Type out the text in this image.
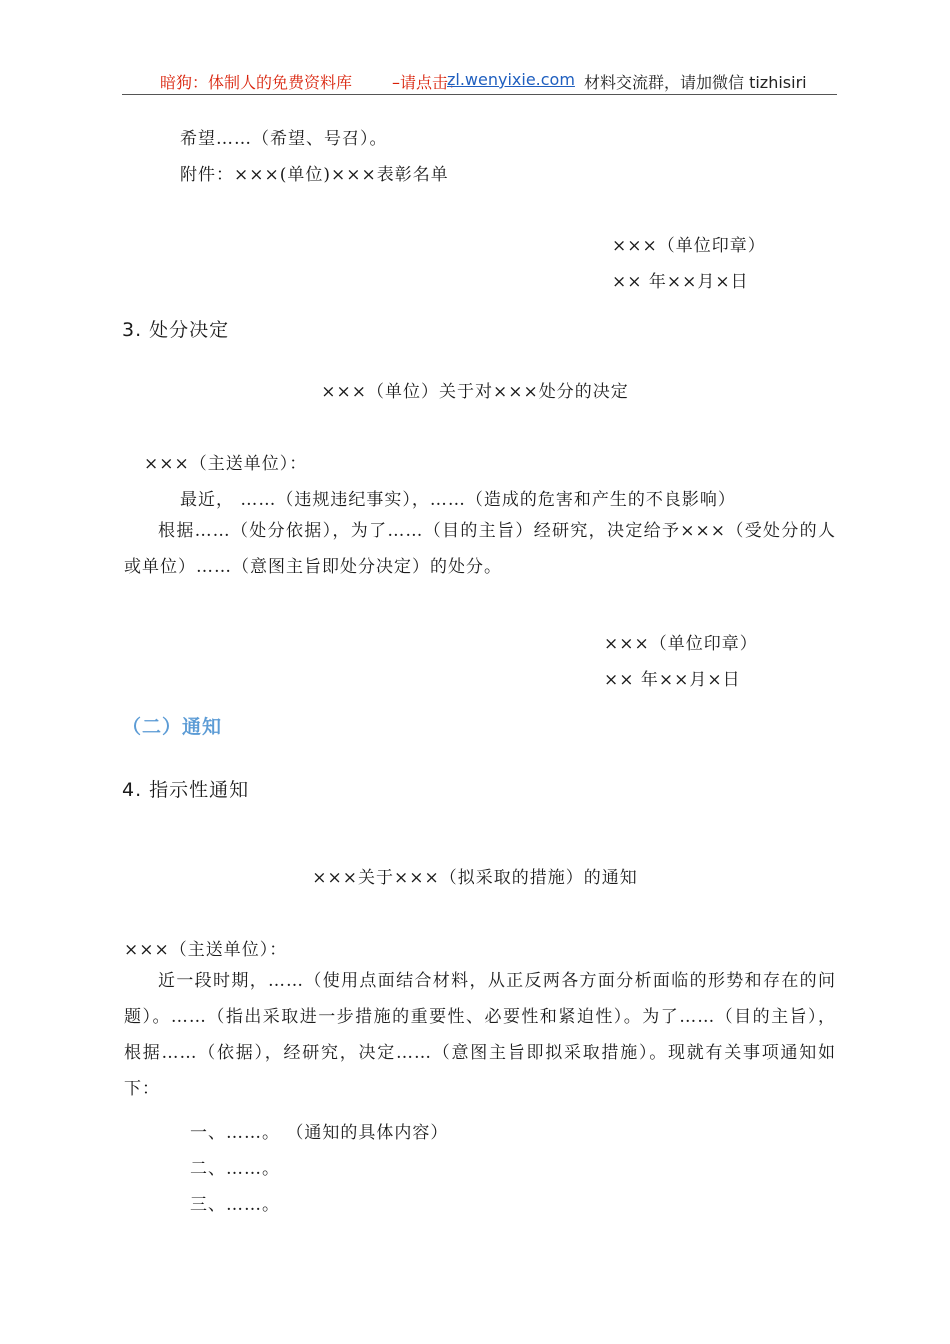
暗狗：体制人的免费资料库 –请点击：
zl.wenyixie.com 材料交流群，请加微信 tizhisiri
希望……（希望、号召）。
附件：×××(单位)×××表彰名单
×××（单位印章）
×× 年××月×日
3. 处分决定
×××（单位）关于对×××处分的决定
×××（主送单位）：
最近， ……（违规违纪事实），……（造成的危害和产生的不良影响）
根据……（处分依据），为了……（目的主旨）经研究，决定给予×××（受处分的人或单位）……（意图主旨即处分决定）的处分。
×××（单位印章）
×× 年××月×日
（二）通知
4. 指示性通知
×××关于×××（拟采取的措施）的通知
×××（主送单位）：
近一段时期，……（使用点面结合材料，从正反两各方面分析面临的形势和存在的问题）。……（指出采取进一步措施的重要性、必要性和紧迫性）。为了……（目的主旨），根据……（依据），经研究，决定……（意图主旨即拟采取措施）。现就有关事项通知如下：
一、……。 （通知的具体内容）
二、……。
三、……。
